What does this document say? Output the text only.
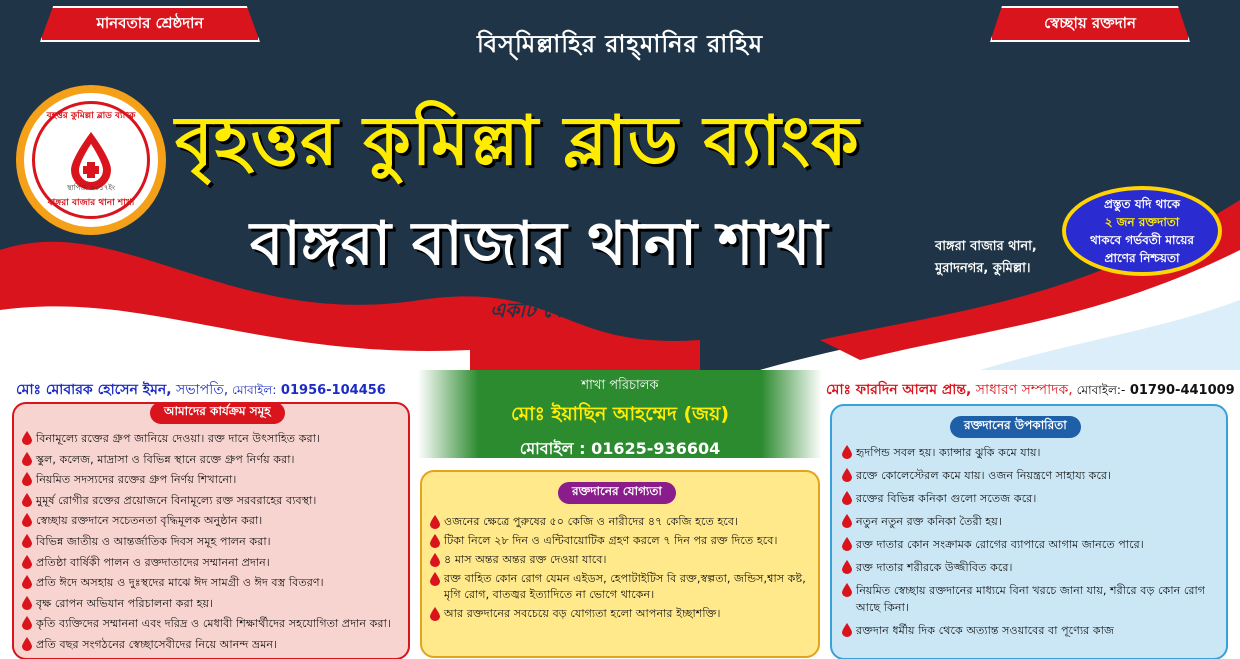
মানবতার শ্রেষ্ঠদান	স্বেচ্ছায় রক্তদান
বিস্‌মিল্লাহির রাহ্‌মানির রাহিম
বৃহত্তর কুমিল্লা ব্লাড ব্যাংক
স্থাপিত: ২০১৭ইং
বাঙ্গরা বাজার থানা শাখা
বৃহত্তর কুমিল্লা ব্লাড ব্যাংক
বাঙ্গরা বাজার থানা শাখা	বাঙ্গরা বাজার থানা,
মুরাদনগর, কুমিল্লা।
প্রস্তুত যদি থাকে
২ জন রক্তদাতা
থাকবে গর্ভবতী মায়ের
প্রাণের নিশ্চয়তা
একটি স্বেচ্ছাসেবী সংগঠন
মোঃ মোবারক হোসেন ইমন, সভাপতি, মোবাইল: 01956-104456	শাখা পরিচালক
মোঃ ইয়াছিন আহম্মেদ (জয়)
মোবাইল : 01625-936604
মোঃ ফারদিন আলম প্রান্ত, সাধারণ সম্পাদক, মোবাইল:- 01790-441009
আমাদের কার্যক্রম সমূহ
বিনামূল্যে রক্তের গ্রুপ জানিয়ে দেওয়া। রক্ত দানে উৎসাহিত করা।
স্কুল, কলেজ, মাদ্রাসা ও বিভিন্ন স্থানে রক্তে গ্রুপ নির্ণয় করা।
নিয়মিত সদস্যদের রক্তের গ্রুপ নির্ণয় শিখানো।
মুমূর্ষ রোগীর রক্তের প্রয়োজনে বিনামূল্যে রক্ত সরবরাহের ব্যবস্থা।
স্বেচ্ছায় রক্তদানে সচেতনতা বৃদ্ধিমূলক অনুষ্ঠান করা।
বিভিন্ন জাতীয় ও আন্তর্জাতিক দিবস সমূহ পালন করা।
প্রতিষ্ঠা বার্ষিকী পালন ও রক্তদাতাদের সম্মাননা প্রদান।
প্রতি ঈদে অসহায় ও দুঃস্থদের মাঝে ঈদ সামগ্রী ও ঈদ বস্ত্র বিতরণ।
বৃক্ষ রোপন অভিযান পরিচালনা করা হয়।
কৃতি ব্যক্তিদের সম্মাননা এবং দরিদ্র ও মেধাবী শিক্ষার্থীদের সহযোগিতা প্রদান করা।
প্রতি বছর সংগঠনের স্বেচ্ছাসেবীদের নিয়ে আনন্দ ভ্রমন।
রক্তদানের যোগ্যতা
ওজনের ক্ষেত্রে পুরুষের ৫০ কেজি ও নারীদের ৪৭ কেজি হতে হবে।
টিকা নিলে ২৮ দিন ও এন্টিবায়োটিক গ্রহণ করলে ৭ দিন পর রক্ত দিতে হবে।
৪ মাস অন্তর অন্তর রক্ত দেওয়া যাবে।
রক্ত বাহিত কোন রোগ যেমন এইডস, হেপাটাইটিস বি রক্ত,স্বল্পতা, জন্ডিস,শ্বাস কষ্ট, মৃগি রোগ, বাতজ্বর ইত্যাদিতে না ভোগে থাকেন।
আর রক্তদানের সবচেয়ে বড় যোগ্যতা হলো আপনার ইচ্ছাশক্তি।
রক্তদানের উপকারিতা
হৃদপিন্ড সবল হয়। ক্যান্সার ঝুকি কমে যায়।
রক্তে কোলেস্টেরল কমে যায়। ওজন নিয়ন্ত্রণে সাহায্য করে।
রক্তের বিভিন্ন কনিকা গুলো সতেজ করে।
নতুন নতুন রক্ত কনিকা তৈরী হয়।
রক্ত দাতার কোন সংক্রামক রোগের ব্যাপারে আগাম জানতে পারে।
রক্ত দাতার শরীরকে উজ্জীবিত করে।
নিয়মিত স্বেচ্ছায় রক্তদানের মাধ্যমে বিনা খরচে জানা যায়, শরীরে বড় কোন রোগ আছে কিনা।
রক্তদান ধর্মীয় দিক থেকে অত্যান্ত সওয়াবের বা পূণ্যের কাজ
